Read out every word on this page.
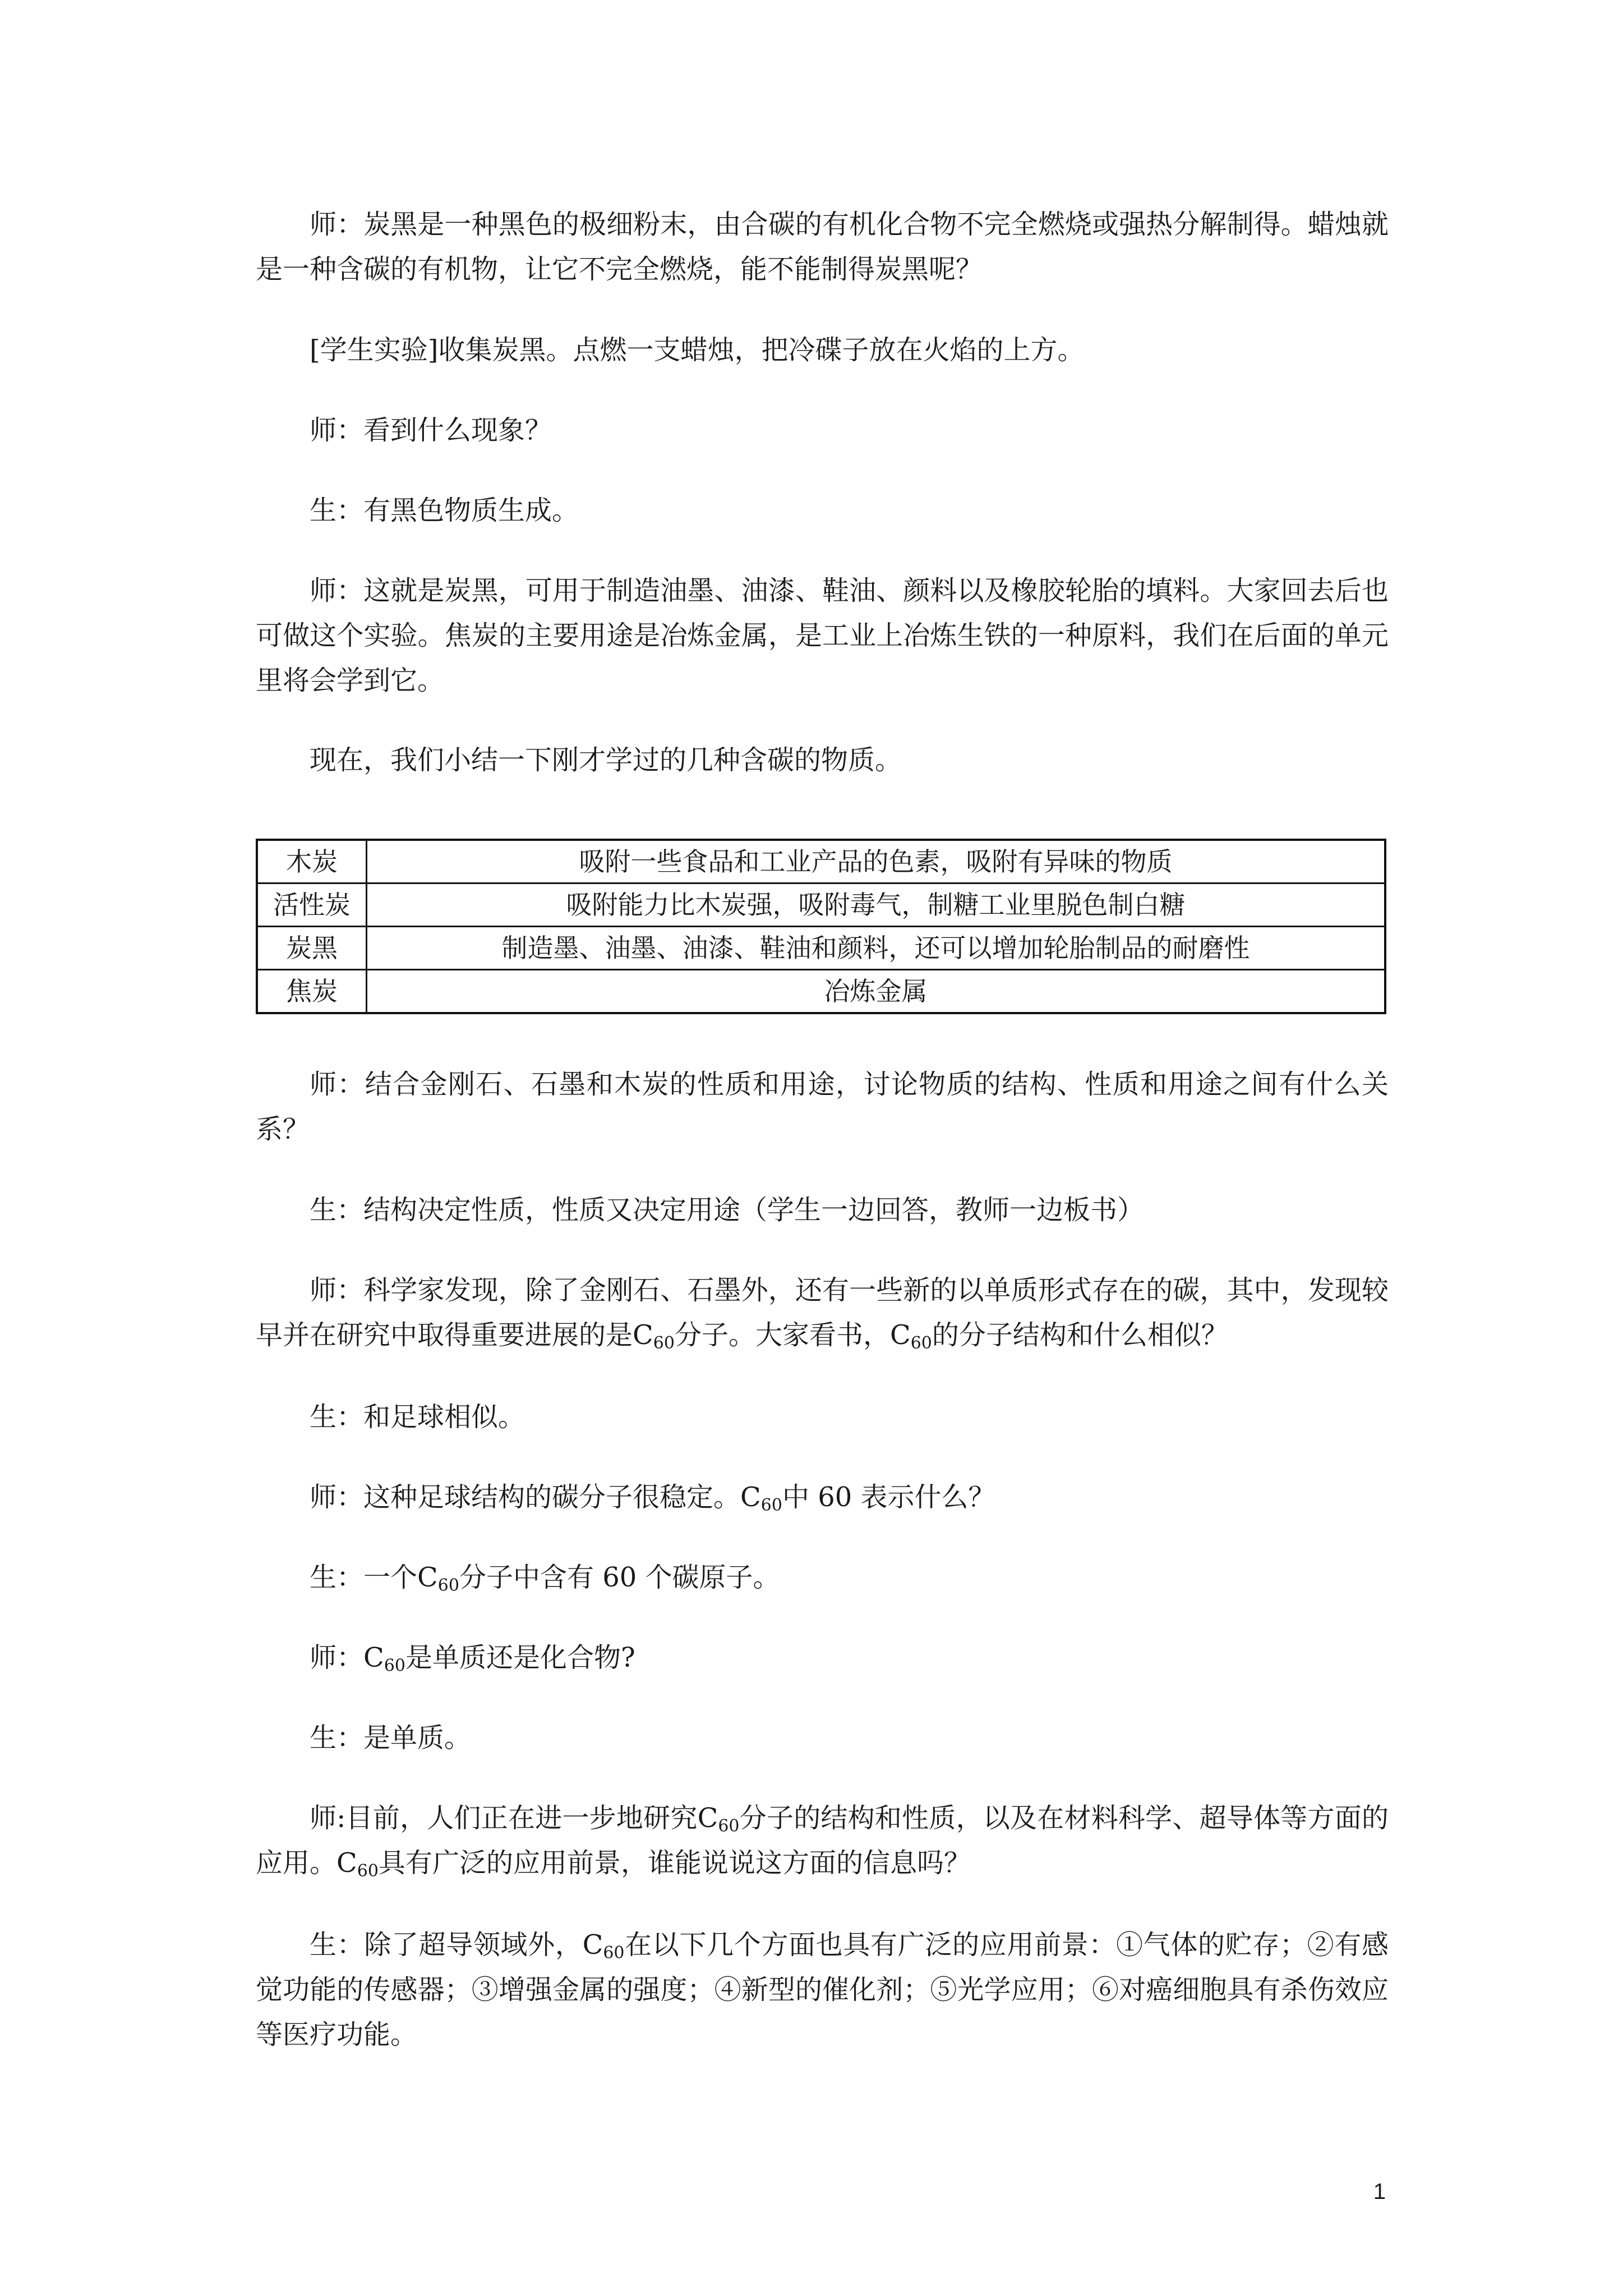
师：炭黑是一种黑色的极细粉末，由合碳的有机化合物不完全燃烧或强热分解制得。蜡烛就是一种含碳的有机物，让它不完全燃烧，能不能制得炭黑呢？

[学生实验]收集炭黑。点燃一支蜡烛，把冷碟子放在火焰的上方。

师：看到什么现象？

生：有黑色物质生成。

师：这就是炭黑，可用于制造油墨、油漆、鞋油、颜料以及橡胶轮胎的填料。大家回去后也可做这个实验。焦炭的主要用途是冶炼金属，是工业上冶炼生铁的一种原料，我们在后面的单元里将会学到它。

现在，我们小结一下刚才学过的几种含碳的物质。

木炭	吸附一些食品和工业产品的色素，吸附有异味的物质
活性炭	吸附能力比木炭强，吸附毒气，制糖工业里脱色制白糖
炭黑	制造墨、油墨、油漆、鞋油和颜料，还可以增加轮胎制品的耐磨性
焦炭	冶炼金属

师：结合金刚石、石墨和木炭的性质和用途，讨论物质的结构、性质和用途之间有什么关系？

生：结构决定性质，性质又决定用途（学生一边回答，教师一边板书）

师：科学家发现，除了金刚石、石墨外，还有一些新的以单质形式存在的碳，其中，发现较早并在研究中取得重要进展的是$C_{60}$分子。大家看书，$C_{60}$的分子结构和什么相似？

生：和足球相似。

师：这种足球结构的碳分子很稳定。$C_{60}$中 60 表示什么？

生：一个$C_{60}$分子中含有 60 个碳原子。

师：$C_{60}$是单质还是化合物?

生：是单质。

师:目前，人们正在进一步地研究$C_{60}$分子的结构和性质，以及在材料科学、超导体等方面的应用。$C_{60}$具有广泛的应用前景，谁能说说这方面的信息吗？

生：除了超导领域外，$C_{60}$在以下几个方面也具有广泛的应用前景：①气体的贮存；②有感觉功能的传感器；③增强金属的强度；④新型的催化剂；⑤光学应用；⑥对癌细胞具有杀伤效应等医疗功能。

1
